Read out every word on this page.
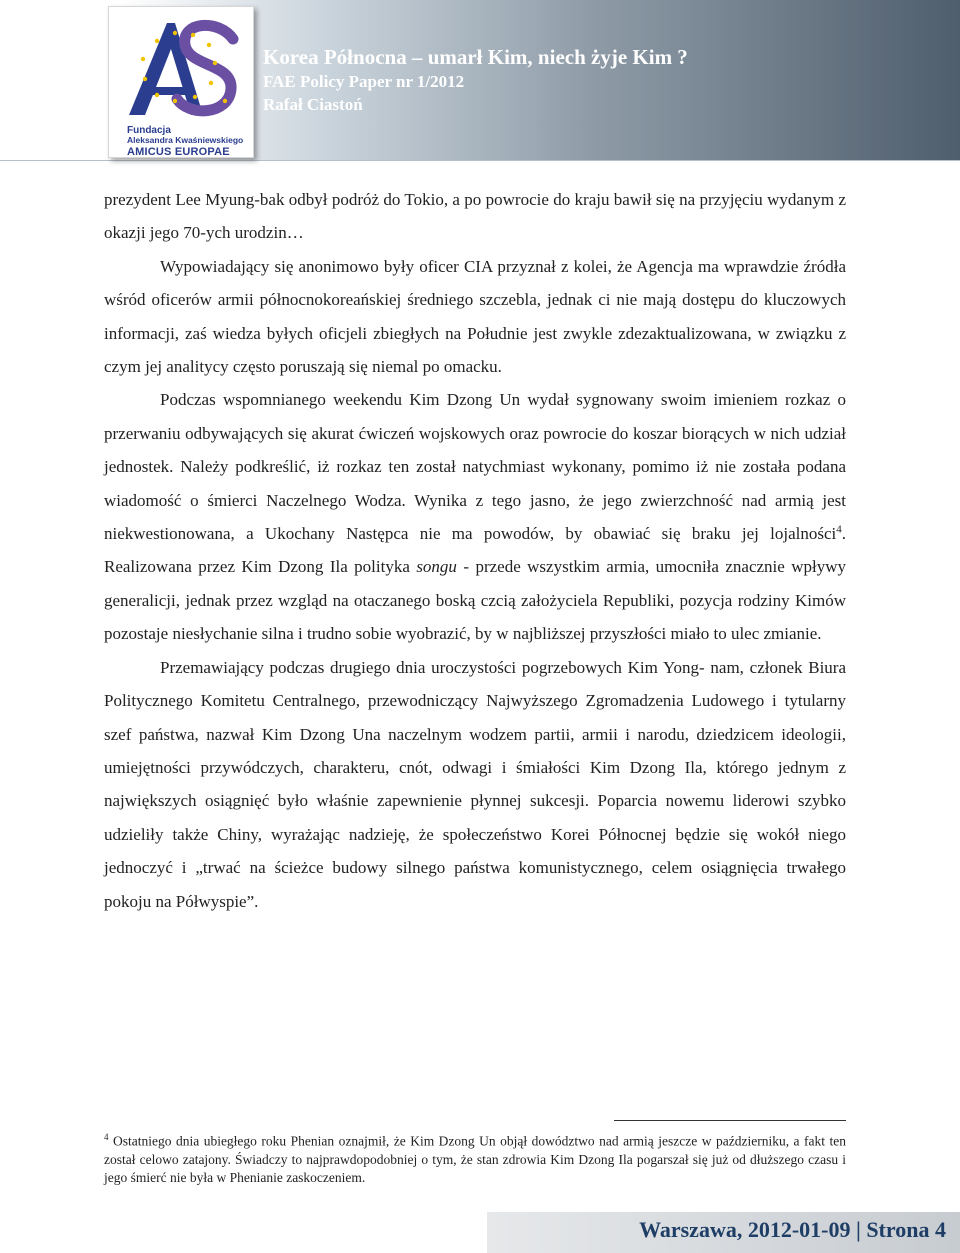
Fundacja
Aleksandra Kwaśniewskiego
AMICUS EUROPAE
Korea Północna – umarł Kim, niech żyje Kim ?
FAE Policy Paper nr 1/2012
Rafał Ciastoń

prezydent Lee Myung-bak odbył podróż do Tokio, a po powrocie do kraju bawił się na przyjęciu wydanym z okazji jego 70-ych urodzin…

Wypowiadający się anonimowo były oficer CIA przyznał z kolei, że Agencja ma wprawdzie źródła wśród oficerów armii północnokoreańskiej średniego szczebla, jednak ci nie mają dostępu do kluczowych informacji, zaś wiedza byłych oficjeli zbiegłych na Południe jest zwykle zdezaktualizowana, w związku z czym jej analitycy często poruszają się niemal po omacku.

Podczas wspomnianego weekendu Kim Dzong Un wydał sygnowany swoim imieniem rozkaz o przerwaniu odbywających się akurat ćwiczeń wojskowych oraz powrocie do koszar biorących w nich udział jednostek. Należy podkreślić, iż rozkaz ten został natychmiast wykonany, pomimo iż nie została podana wiadomość o śmierci Naczelnego Wodza. Wynika z tego jasno, że jego zwierzchność nad armią jest niekwestionowana, a Ukochany Następca nie ma powodów, by obawiać się braku jej lojalności$^4$. Realizowana przez Kim Dzong Ila polityka songu - przede wszystkim armia, umocniła znacznie wpływy generalicji, jednak przez wzgląd na otaczanego boską czcią założyciela Republiki, pozycja rodziny Kimów pozostaje niesłychanie silna i trudno sobie wyobrazić, by w najbliższej przyszłości miało to ulec zmianie.

Przemawiający podczas drugiego dnia uroczystości pogrzebowych Kim Yong- nam, członek Biura Politycznego Komitetu Centralnego, przewodniczący Najwyższego Zgromadzenia Ludowego i tytularny szef państwa, nazwał Kim Dzong Una naczelnym wodzem partii, armii i narodu, dziedzicem ideologii, umiejętności przywódczych, charakteru, cnót, odwagi i śmiałości Kim Dzong Ila, którego jednym z największych osiągnięć było właśnie zapewnienie płynnej sukcesji. Poparcia nowemu liderowi szybko udzieliły także Chiny, wyrażając nadzieję, że społeczeństwo Korei Północnej będzie się wokół niego jednoczyć i „trwać na ścieżce budowy silnego państwa komunistycznego, celem osiągnięcia trwałego pokoju na Półwyspie”.

$^4$ Ostatniego dnia ubiegłego roku Phenian oznajmił, że Kim Dzong Un objął dowództwo nad armią jeszcze w październiku, a fakt ten został celowo zatajony. Świadczy to najprawdopodobniej o tym, że stan zdrowia Kim Dzong Ila pogarszał się już od dłuższego czasu i jego śmierć nie była w Phenianie zaskoczeniem.
Warszawa, 2012-01-09 | Strona 4
